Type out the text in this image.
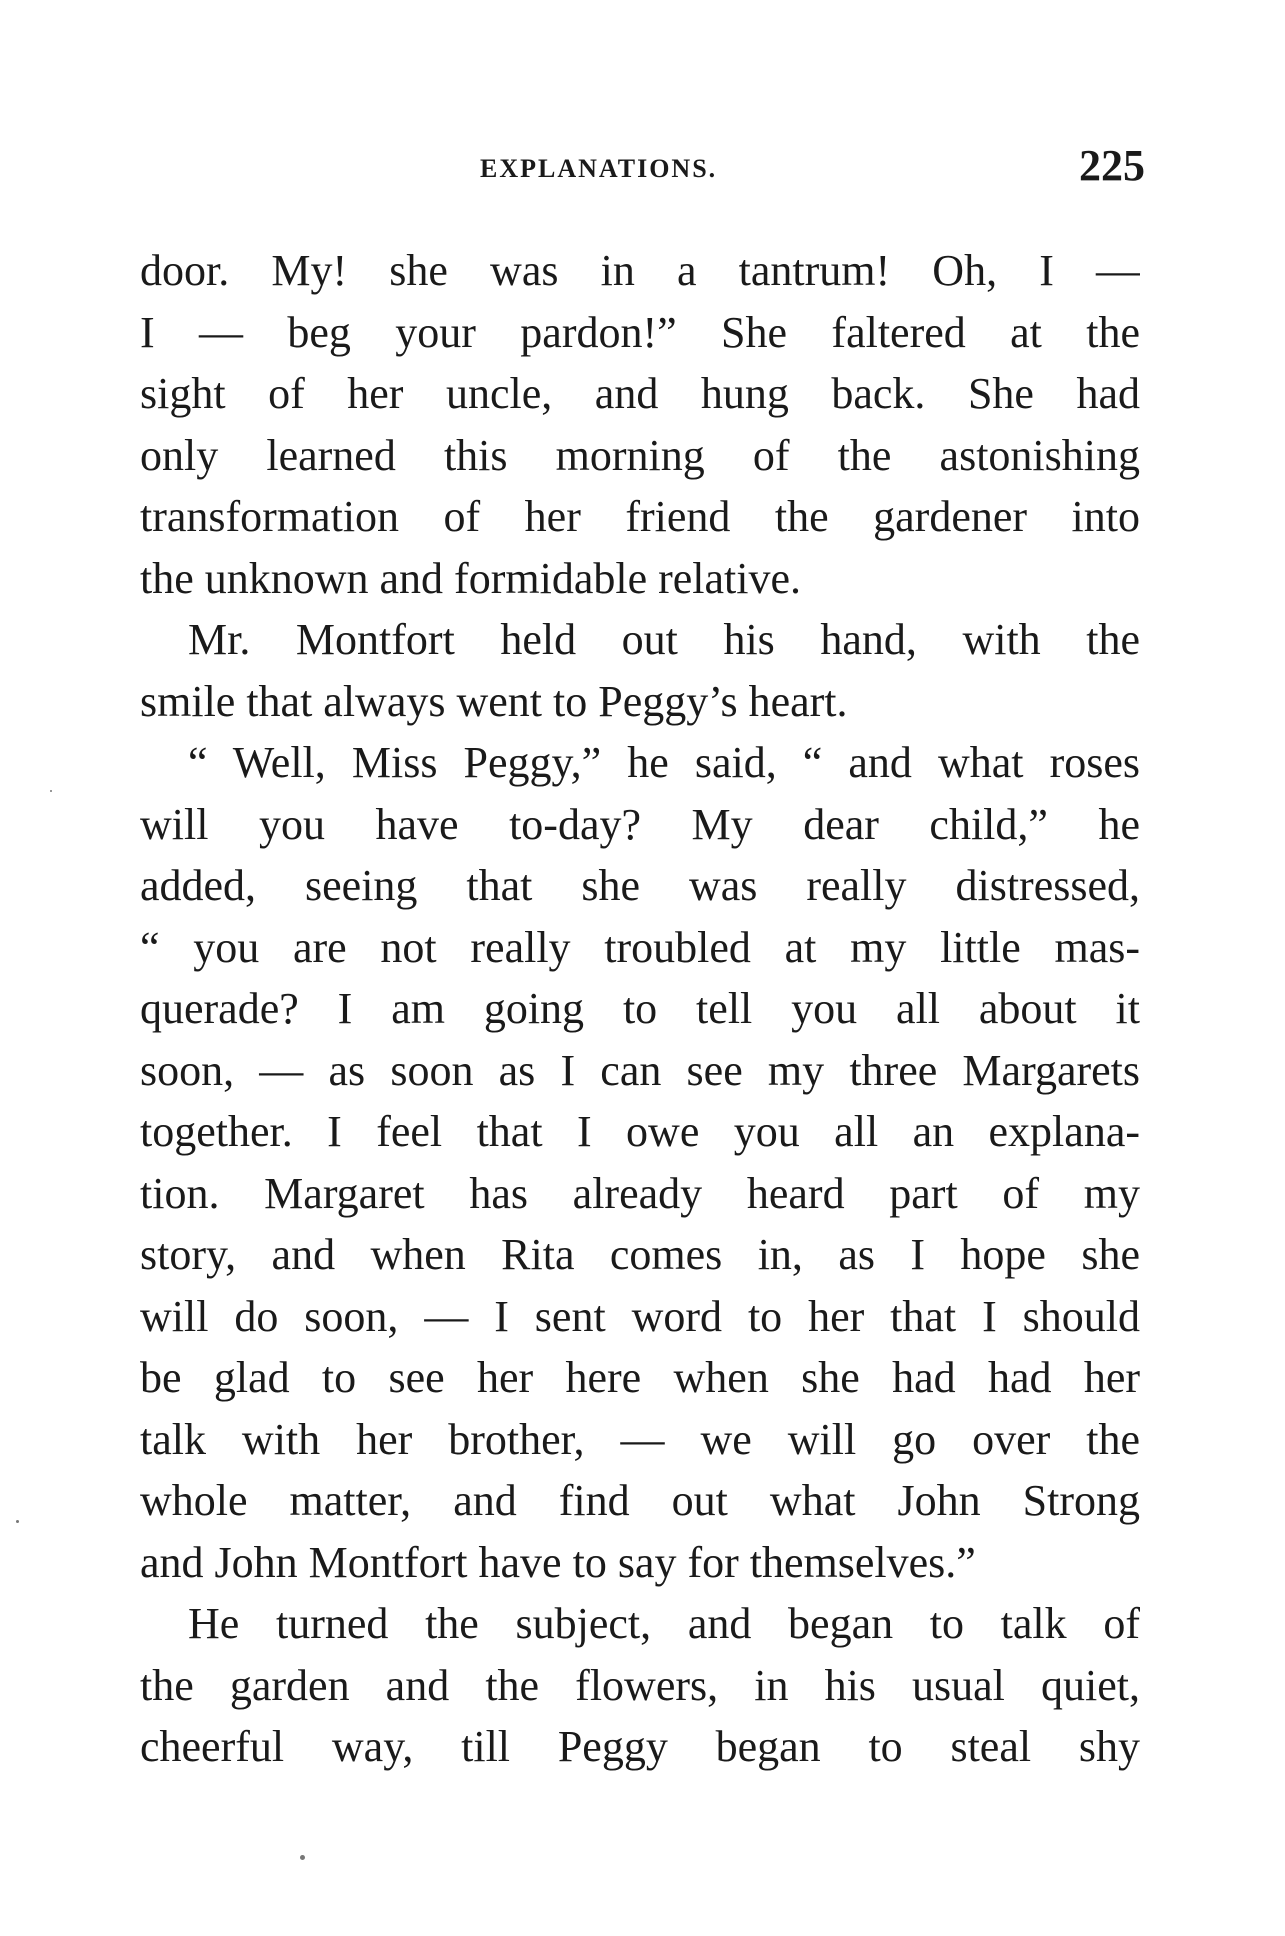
EXPLANATIONS.	225
door. My! she was in a tantrum! Oh, I —
I — beg your pardon!” She faltered at the
sight of her uncle, and hung back. She had
only learned this morning of the astonishing
transformation of her friend the gardener into
the unknown and formidable relative.
Mr. Montfort held out his hand, with the
smile that always went to Peggy’s heart.
“ Well, Miss Peggy,” he said, “ and what roses
will you have to-day? My dear child,” he
added, seeing that she was really distressed,
“ you are not really troubled at my little mas-
querade? I am going to tell you all about it
soon, — as soon as I can see my three Margarets
together. I feel that I owe you all an explana-
tion. Margaret has already heard part of my
story, and when Rita comes in, as I hope she
will do soon, — I sent word to her that I should
be glad to see her here when she had had her
talk with her brother, — we will go over the
whole matter, and find out what John Strong
and John Montfort have to say for themselves.”
He turned the subject, and began to talk of
the garden and the flowers, in his usual quiet,
cheerful way, till Peggy began to steal shy
